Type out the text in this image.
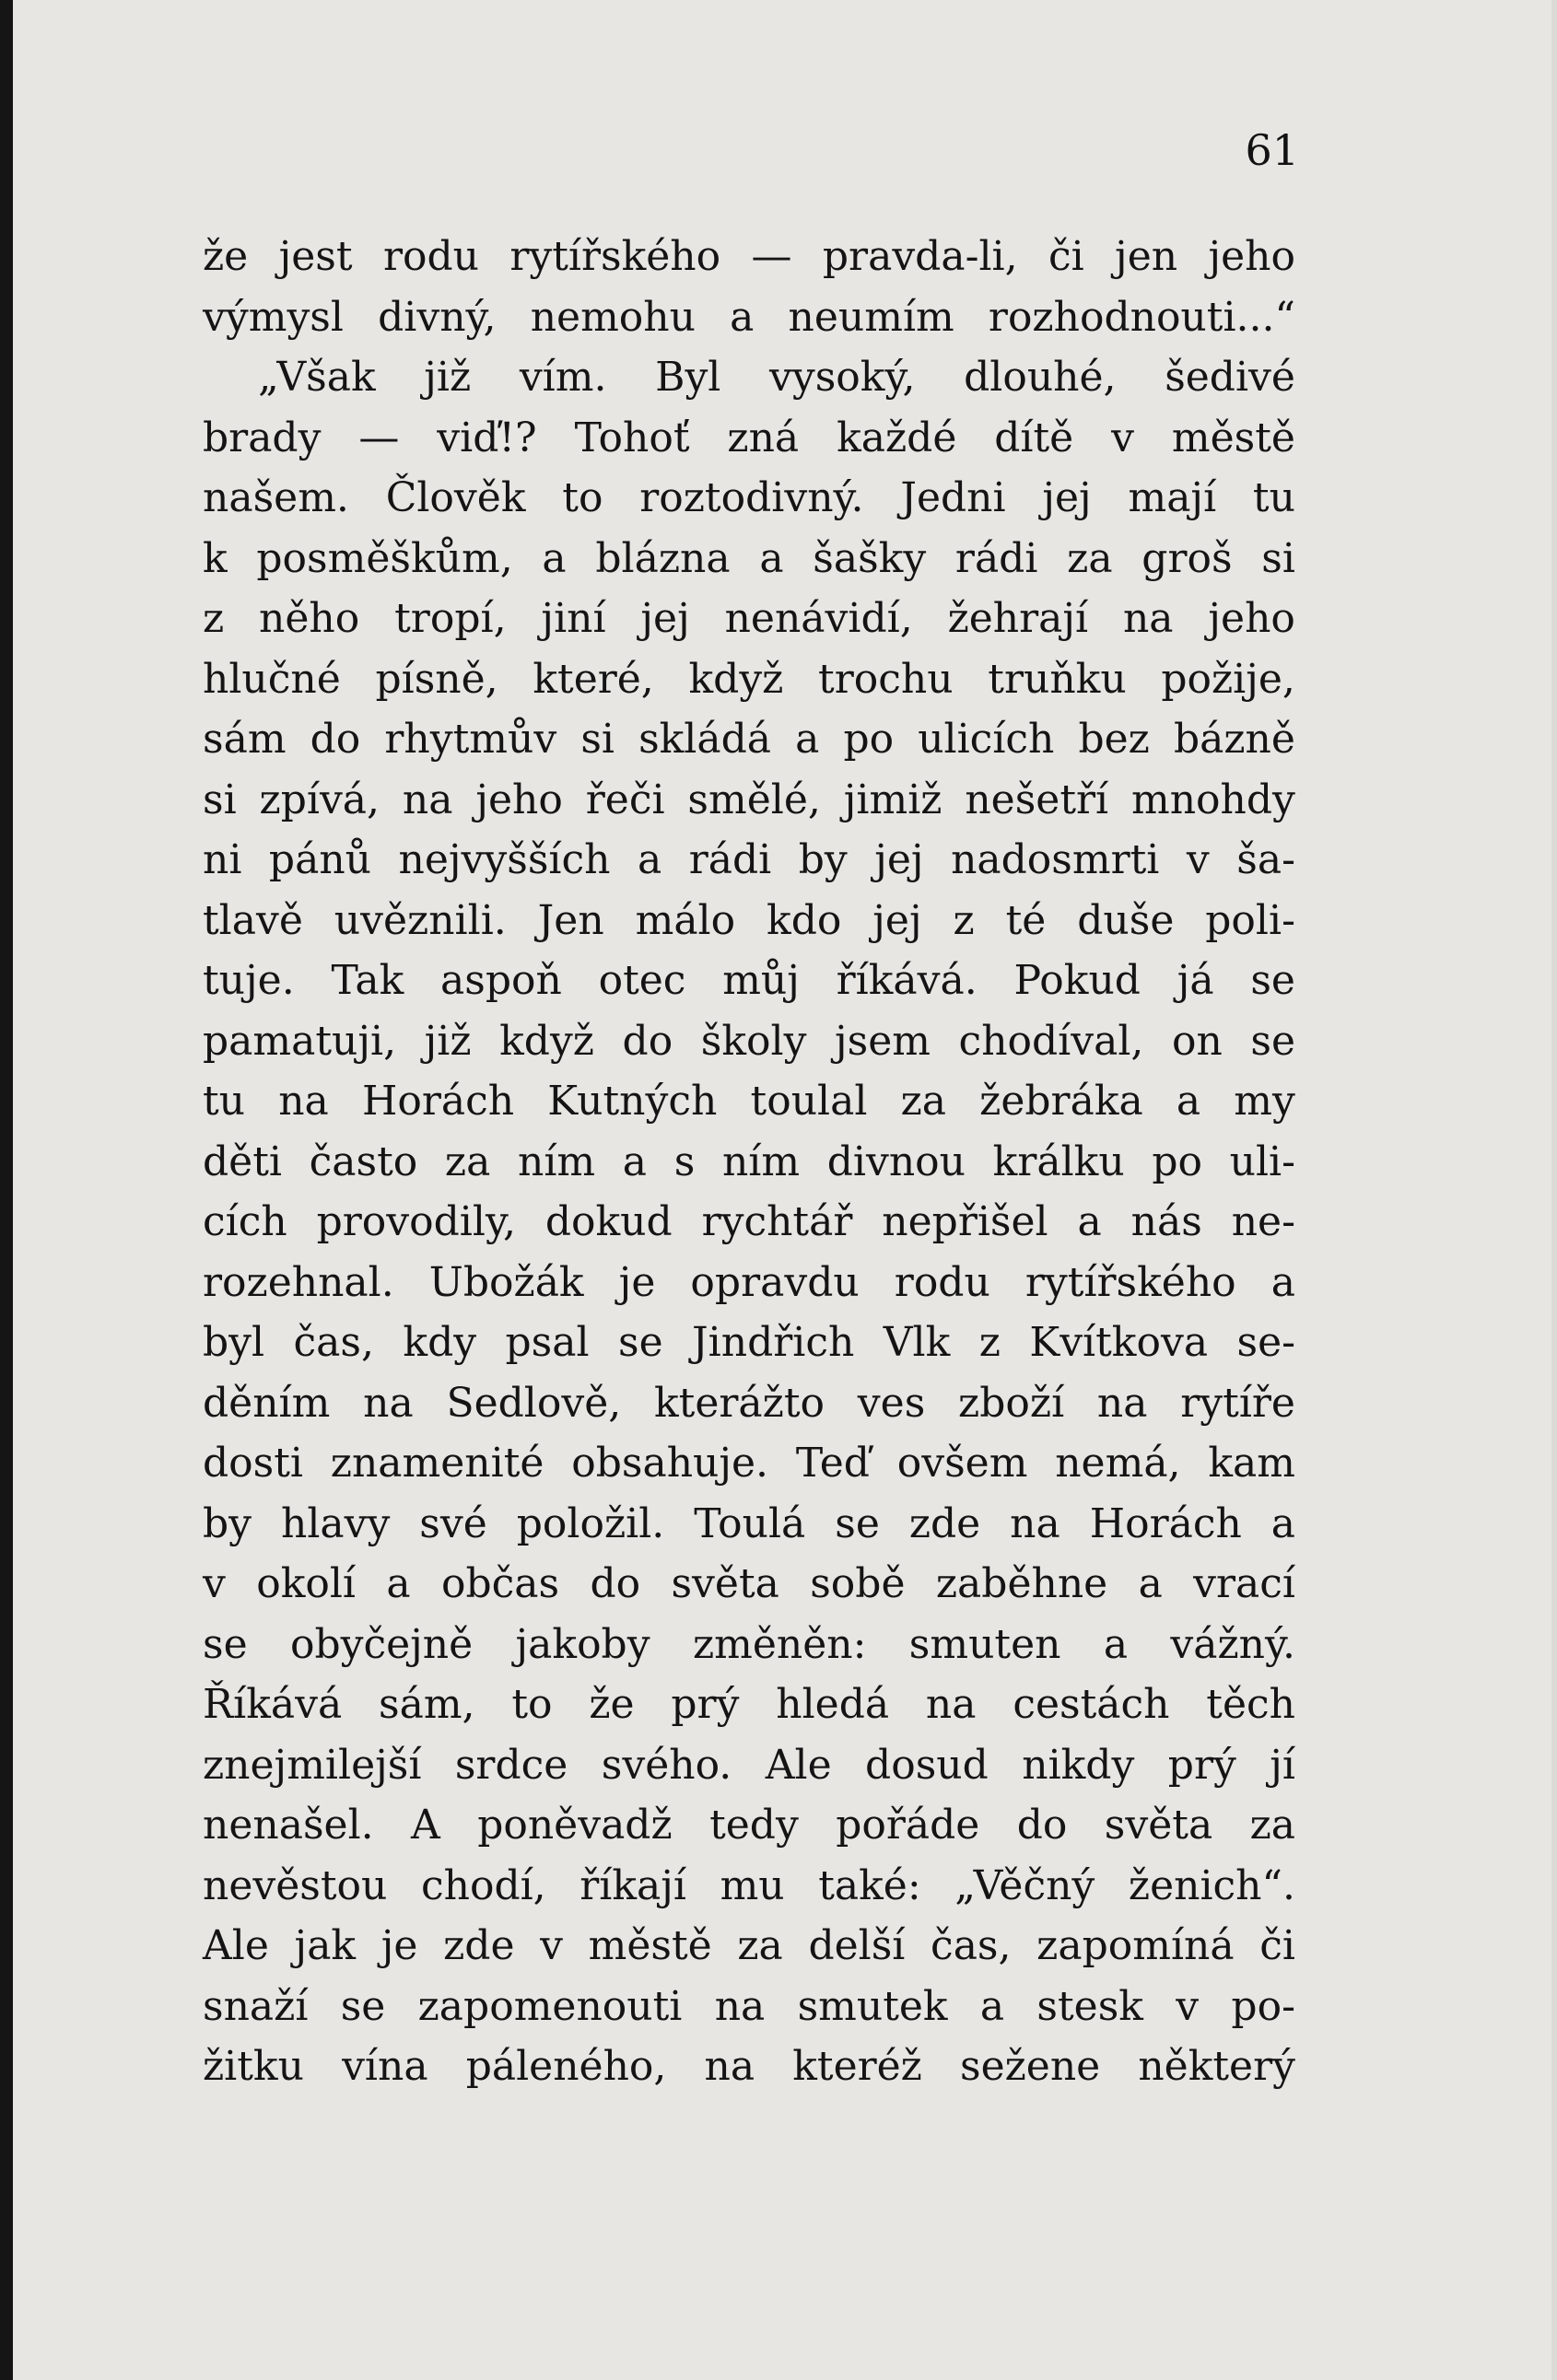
61
že jest rodu rytířského — pravda-li, či jen jeho
výmysl divný, nemohu a neumím rozhodnouti...“
„Však již vím. Byl vysoký, dlouhé, šedivé
brady — viď!? Tohoť zná každé dítě v městě
našem. Člověk to roztodivný. Jedni jej mají tu
k posměškům, a blázna a šašky rádi za groš si
z něho tropí, jiní jej nenávidí, žehrají na jeho
hlučné písně, které, když trochu truňku požije,
sám do rhytmův si skládá a po ulicích bez bázně
si zpívá, na jeho řeči smělé, jimiž nešetří mnohdy
ni pánů nejvyšších a rádi by jej nadosmrti v ša-
tlavě uvěznili. Jen málo kdo jej z té duše poli-
tuje. Tak aspoň otec můj říkává. Pokud já se
pamatuji, již když do školy jsem chodíval, on se
tu na Horách Kutných toulal za žebráka a my
děti často za ním a s ním divnou králku po uli-
cích provodily, dokud rychtář nepřišel a nás ne-
rozehnal. Ubožák je opravdu rodu rytířského a
byl čas, kdy psal se Jindřich Vlk z Kvítkova se-
děním na Sedlově, kterážto ves zboží na rytíře
dosti znamenité obsahuje. Teď ovšem nemá, kam
by hlavy své položil. Toulá se zde na Horách a
v okolí a občas do světa sobě zaběhne a vrací
se obyčejně jakoby změněn: smuten a vážný.
Říkává sám, to že prý hledá na cestách těch
znejmilejší srdce svého. Ale dosud nikdy prý jí
nenašel. A poněvadž tedy pořáde do světa za
nevěstou chodí, říkají mu také: „Věčný ženich“.
Ale jak je zde v městě za delší čas, zapomíná či
snaží se zapomenouti na smutek a stesk v po-
žitku vína páleného, na kteréž sežene některý
